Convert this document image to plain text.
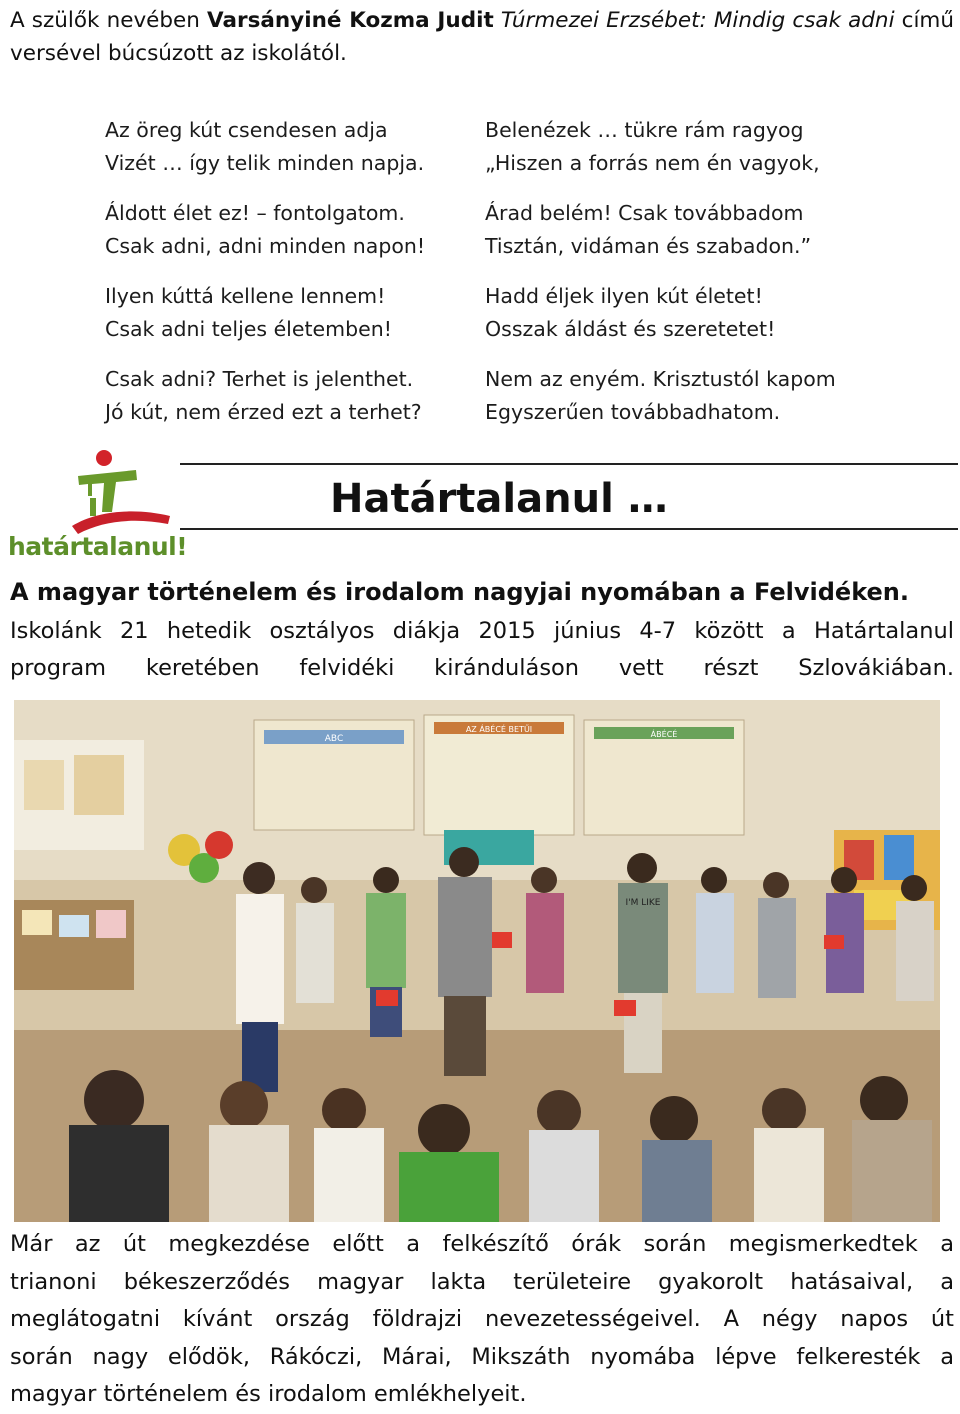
A szülők nevében Varsányiné Kozma Judit Túrmezei Erzsébet: Mindig csak adni című versével búcsúzott az iskolától.
Az öreg kút csendesen adja
Vizét … így telik minden napja.
Áldott élet ez! – fontolgatom.
Csak adni, adni minden napon!
Ilyen kúttá kellene lennem!
Csak adni teljes életemben!
Csak adni? Terhet is jelenthet.
Jó kút, nem érzed ezt a terhet?
Belenézek … tükre rám ragyog
„Hiszen a forrás nem én vagyok,
Árad belém! Csak továbbadom
Tisztán, vidáman és szabadon.”
Hadd éljek ilyen kút életet!
Osszak áldást és szeretetet!
Nem az enyém. Krisztustól kapom
Egyszerűen továbbadhatom.
határtalanul!
Határtalanul …
A magyar történelem és irodalom nagyjai nyomában a Felvidéken.
Iskolánk 21 hetedik osztályos diákja 2015 június 4-7 között a Határtalanul
program keretében felvidéki kiránduláson vett részt Szlovákiában.
ABC
AZ ÁBÉCÉ BETŰI
ÁBÉCÉ
I'M LIKE
Már az út megkezdése előtt a felkészítő órák során megismerkedtek a
trianoni békeszerződés magyar lakta területeire gyakorolt hatásaival, a
meglátogatni kívánt ország földrajzi nevezetességeivel. A négy napos út
során nagy elődök, Rákóczi, Márai, Mikszáth nyomába lépve felkeresték a
magyar történelem és irodalom emlékhelyeit.
